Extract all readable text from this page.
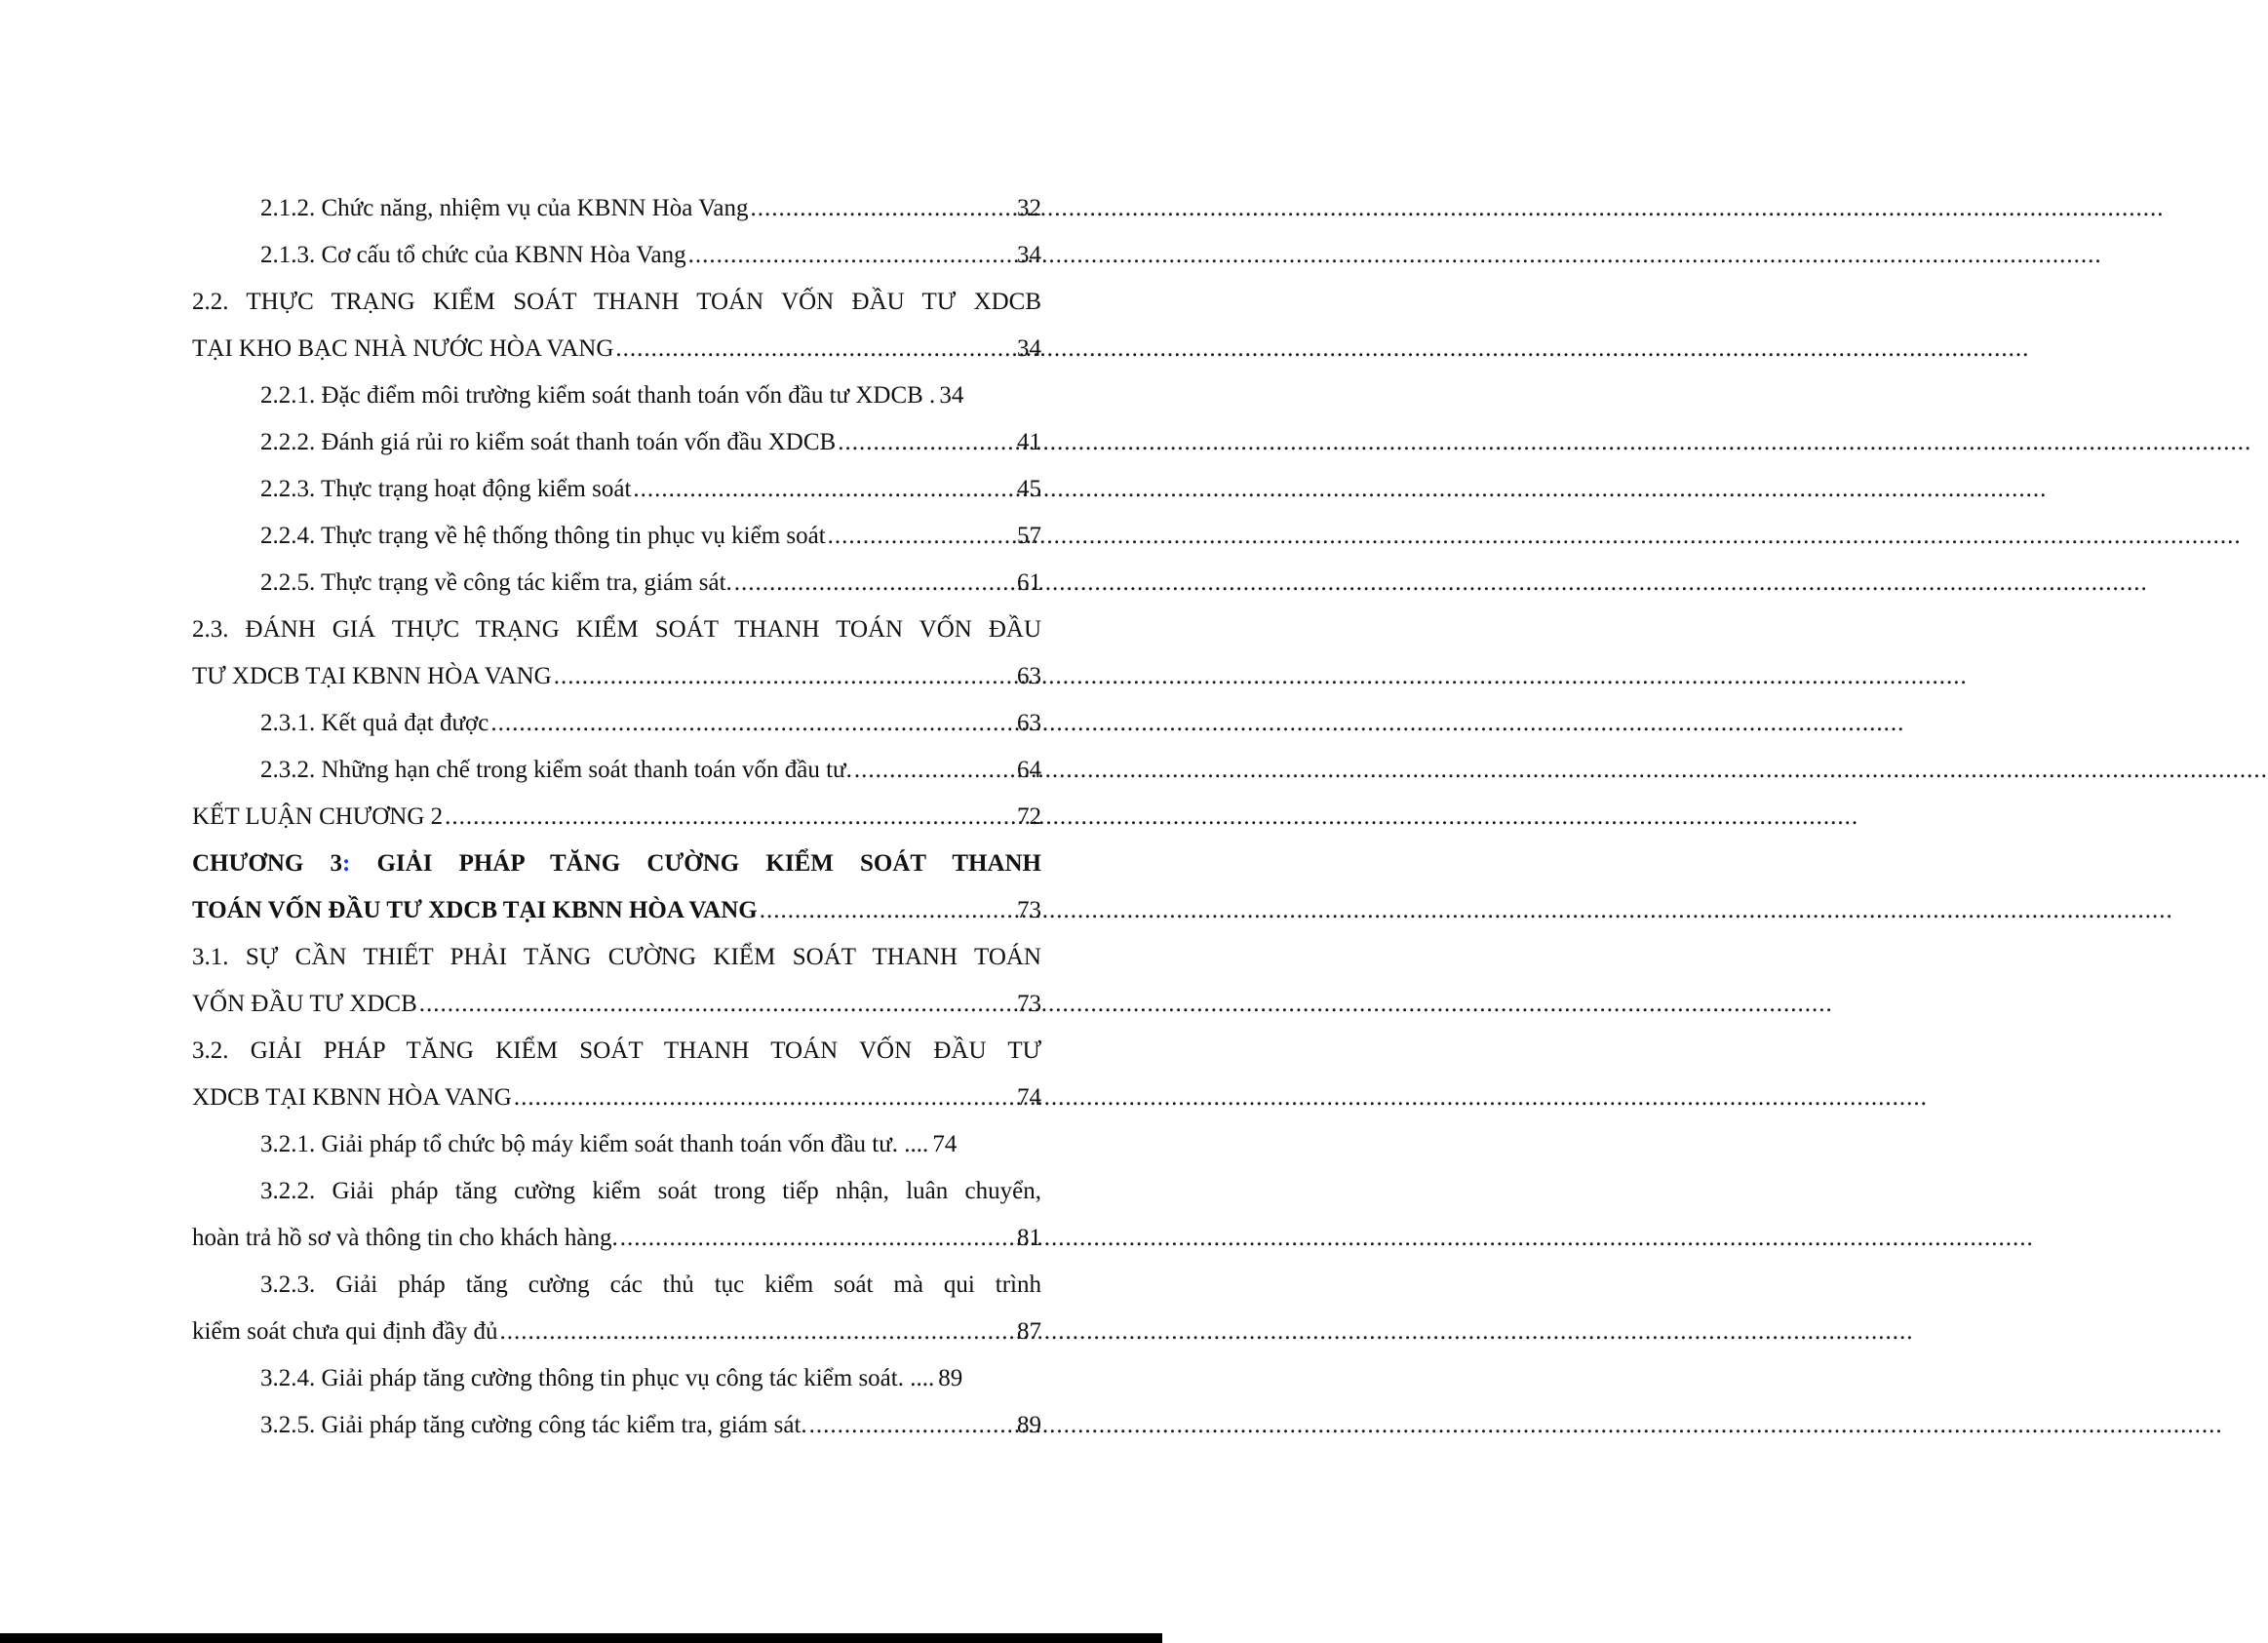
2.1.2. Chức năng, nhiệm vụ của KBNN Hòa Vang .....	32
2.1.3. Cơ cấu tổ chức của KBNN Hòa Vang .....	34
2.2. THỰC TRẠNG KIỂM SOÁT THANH TOÁN VỐN ĐẦU TƯ XDCB
TẠI KHO BẠC NHÀ NƯỚC HÒA VANG .....	34
2.2.1. Đặc điểm môi trường kiểm soát thanh toán vốn đầu tư XDCB . 34
2.2.2. Đánh giá rủi ro kiểm soát thanh toán vốn đầu XDCB .....	41
2.2.3. Thực trạng hoạt động kiểm soát .....	45
2.2.4. Thực trạng về hệ thống thông tin phục vụ kiểm soát .....	57
2.2.5. Thực trạng về công tác kiểm tra, giám sát. .....	61
2.3. ĐÁNH GIÁ THỰC TRẠNG KIỂM SOÁT THANH TOÁN VỐN ĐẦU
TƯ XDCB TẠI KBNN HÒA VANG .....	63
2.3.1. Kết quả đạt được .....	63
2.3.2. Những hạn chế trong kiểm soát thanh toán vốn đầu tư. .....	64
KẾT LUẬN CHƯƠNG 2 .....	72
CHƯƠNG 3: GIẢI PHÁP TĂNG CƯỜNG KIỂM SOÁT THANH
TOÁN VỐN ĐẦU TƯ XDCB TẠI KBNN HÒA VANG .....	73
3.1. SỰ CẦN THIẾT PHẢI TĂNG CƯỜNG KIỂM SOÁT THANH TOÁN
VỐN ĐẦU TƯ XDCB .....	73
3.2. GIẢI PHÁP TĂNG KIỂM SOÁT THANH TOÁN VỐN ĐẦU TƯ
XDCB TẠI KBNN HÒA VANG .....	74
3.2.1. Giải pháp tổ chức bộ máy kiểm soát thanh toán vốn đầu tư. .... 74
3.2.2. Giải pháp tăng cường kiểm soát trong tiếp nhận, luân chuyển,
hoàn trả hồ sơ và thông tin cho khách hàng. .....	81
3.2.3. Giải pháp tăng cường các thủ tục kiểm soát mà qui trình
kiểm soát chưa qui định đầy đủ .....	87
3.2.4. Giải pháp tăng cường thông tin phục vụ công tác kiểm soát. .... 89
3.2.5. Giải pháp tăng cường công tác kiểm tra, giám sát. .....	89
